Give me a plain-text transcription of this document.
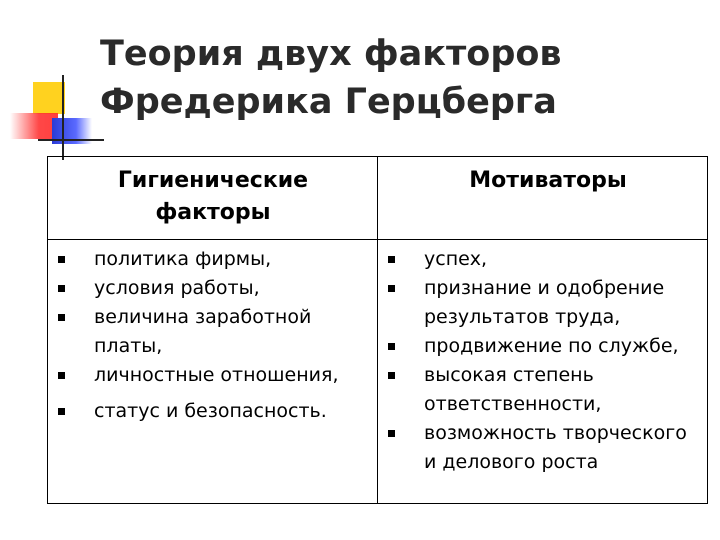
Теория двух факторов
Фредерика Герцберга
Гигиенические факторы
Мотиваторы
политика фирмы,
условия работы,
величина заработной платы,
личностные отношения,
статус и безопасность.
успех,
признание и одобрение результатов труда,
продвижение по службе,
высокая степень ответственности,
возможность творческого и делового роста
